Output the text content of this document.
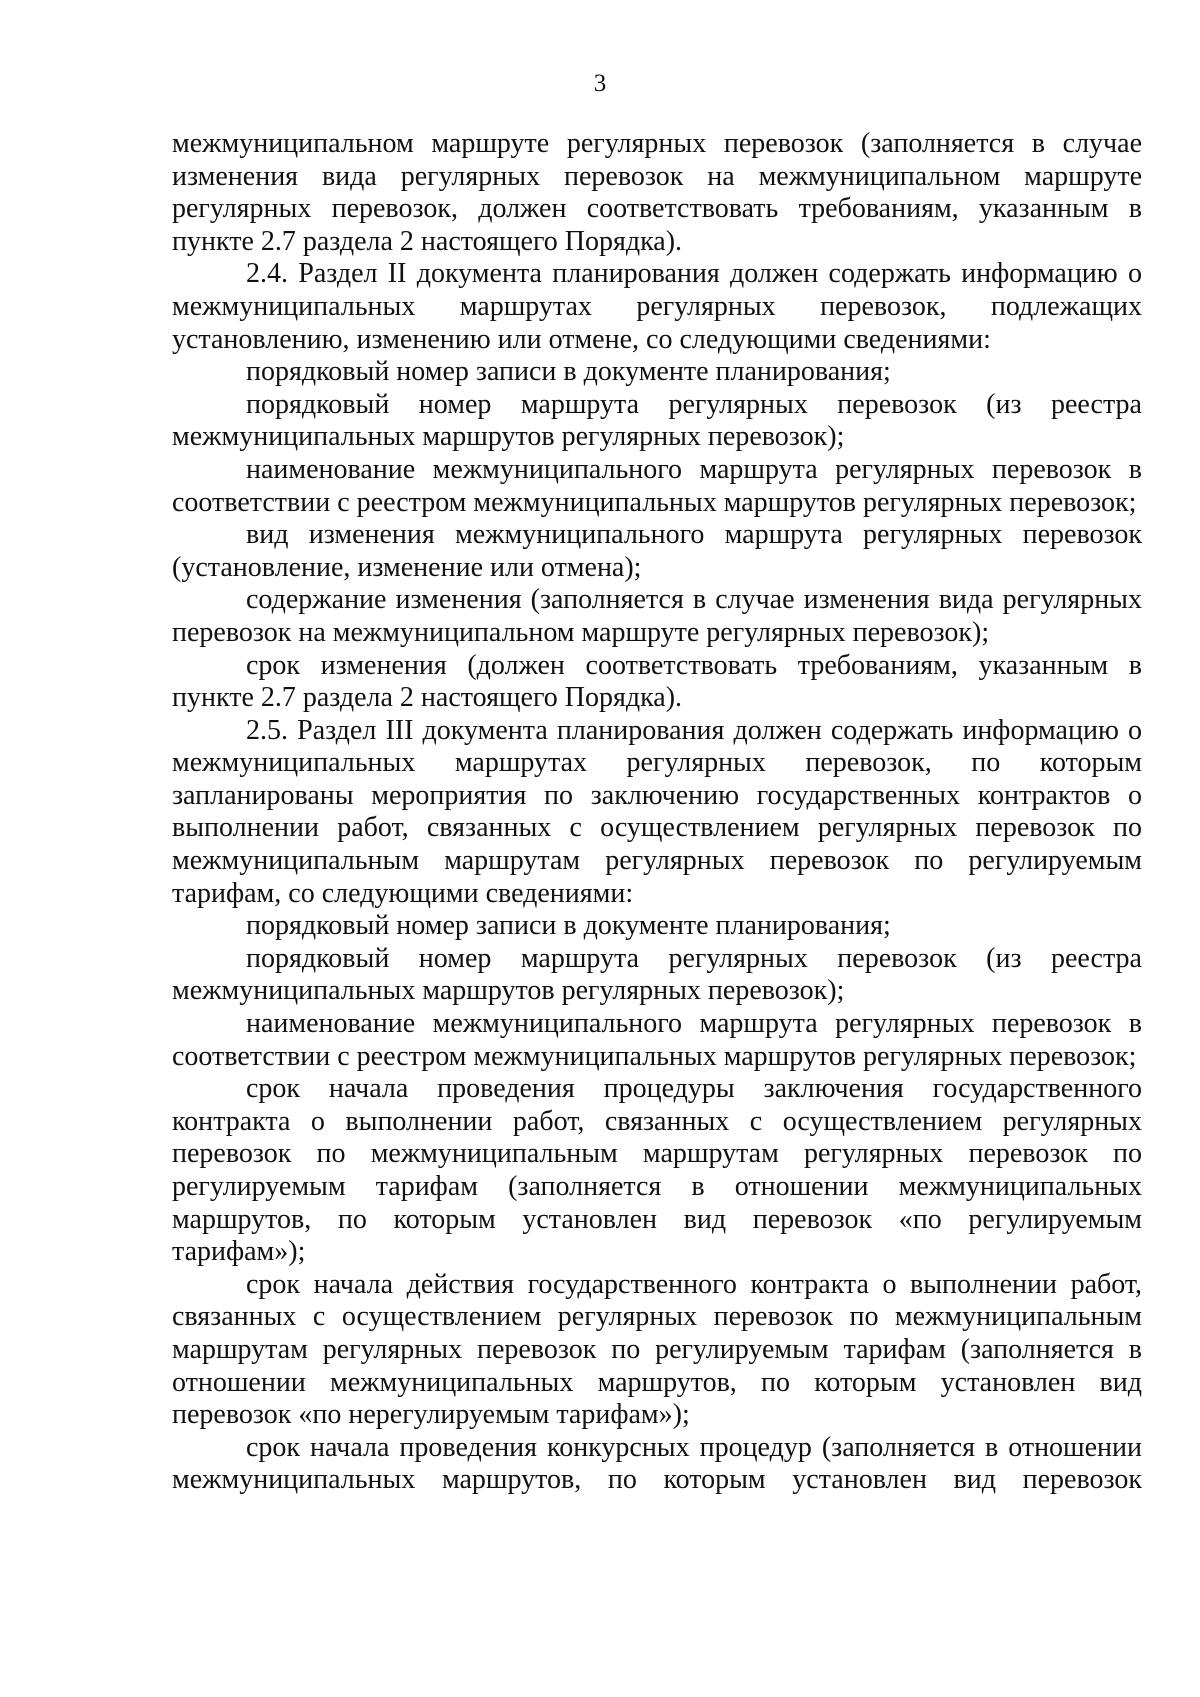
3

межмуниципальном маршруте регулярных перевозок (заполняется в случае изменения вида регулярных перевозок на межмуниципальном маршруте регулярных перевозок, должен соответствовать требованиям, указанным в пункте 2.7 раздела 2 настоящего Порядка).

2.4. Раздел II документа планирования должен содержать информацию о межмуниципальных маршрутах регулярных перевозок, подлежащих установлению, изменению или отмене, со следующими сведениями:

порядковый номер записи в документе планирования;

порядковый номер маршрута регулярных перевозок (из реестра межмуниципальных маршрутов регулярных перевозок);

наименование межмуниципального маршрута регулярных перевозок в соответствии с реестром межмуниципальных маршрутов регулярных перевозок;

вид изменения межмуниципального маршрута регулярных перевозок (установление, изменение или отмена);

содержание изменения (заполняется в случае изменения вида регулярных перевозок на межмуниципальном маршруте регулярных перевозок);

срок изменения (должен соответствовать требованиям, указанным в пункте 2.7 раздела 2 настоящего Порядка).

2.5. Раздел III документа планирования должен содержать информацию о межмуниципальных маршрутах регулярных перевозок, по которым запланированы мероприятия по заключению государственных контрактов о выполнении работ, связанных с осуществлением регулярных перевозок по межмуниципальным маршрутам регулярных перевозок по регулируемым тарифам, со следующими сведениями:

порядковый номер записи в документе планирования;

порядковый номер маршрута регулярных перевозок (из реестра межмуниципальных маршрутов регулярных перевозок);

наименование межмуниципального маршрута регулярных перевозок в соответствии с реестром межмуниципальных маршрутов регулярных перевозок;

срок начала проведения процедуры заключения государственного контракта о выполнении работ, связанных с осуществлением регулярных перевозок по межмуниципальным маршрутам регулярных перевозок по регулируемым тарифам (заполняется в отношении межмуниципальных маршрутов, по которым установлен вид перевозок «по регулируемым тарифам»);

срок начала действия государственного контракта о выполнении работ, связанных с осуществлением регулярных перевозок по межмуниципальным маршрутам регулярных перевозок по регулируемым тарифам (заполняется в отношении межмуниципальных маршрутов, по которым установлен вид перевозок «по нерегулируемым тарифам»);

срок начала проведения конкурсных процедур (заполняется в отношении межмуниципальных маршрутов, по которым установлен вид перевозок
